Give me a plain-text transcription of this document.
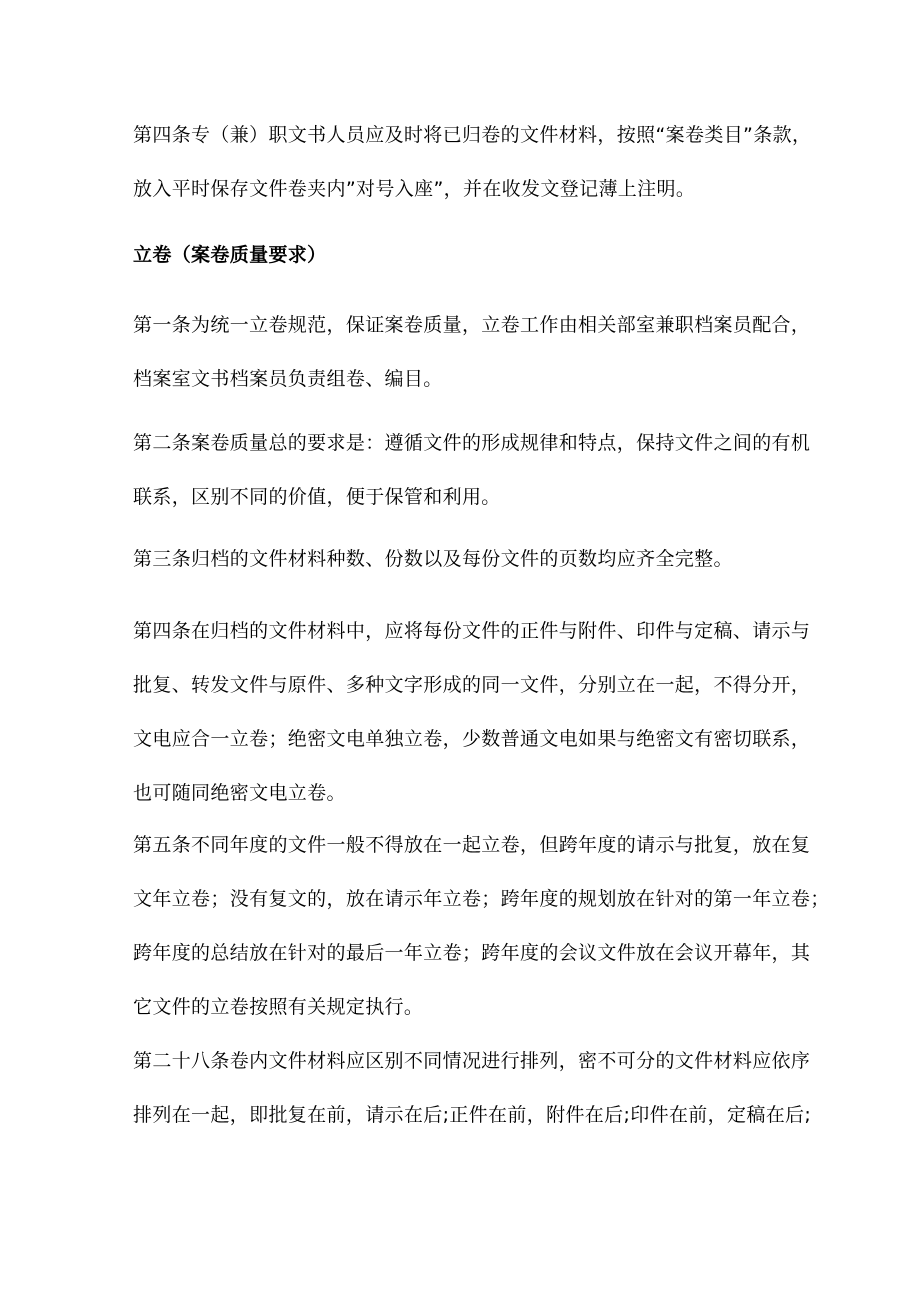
第四条专（兼）职文书人员应及时将已归卷的文件材料，按照“案卷类目”条款，
放入平时保存文件卷夹内”对号入座”，并在收发文登记薄上注明。
立卷（案卷质量要求）
第一条为统一立卷规范，保证案卷质量，立卷工作由相关部室兼职档案员配合，
档案室文书档案员负责组卷、编目。
第二条案卷质量总的要求是：遵循文件的形成规律和特点，保持文件之间的有机
联系，区别不同的价值，便于保管和利用。
第三条归档的文件材料种数、份数以及每份文件的页数均应齐全完整。
第四条在归档的文件材料中，应将每份文件的正件与附件、印件与定稿、请示与
批复、转发文件与原件、多种文字形成的同一文件，分别立在一起，不得分开，
文电应合一立卷；绝密文电单独立卷，少数普通文电如果与绝密文有密切联系，
也可随同绝密文电立卷。
第五条不同年度的文件一般不得放在一起立卷，但跨年度的请示与批复，放在复
文年立卷；没有复文的，放在请示年立卷；跨年度的规划放在针对的第一年立卷；
跨年度的总结放在针对的最后一年立卷；跨年度的会议文件放在会议开幕年，其
它文件的立卷按照有关规定执行。
第二十八条卷内文件材料应区别不同情况进行排列，密不可分的文件材料应依序
排列在一起，即批复在前，请示在后;正件在前，附件在后;印件在前，定稿在后;
